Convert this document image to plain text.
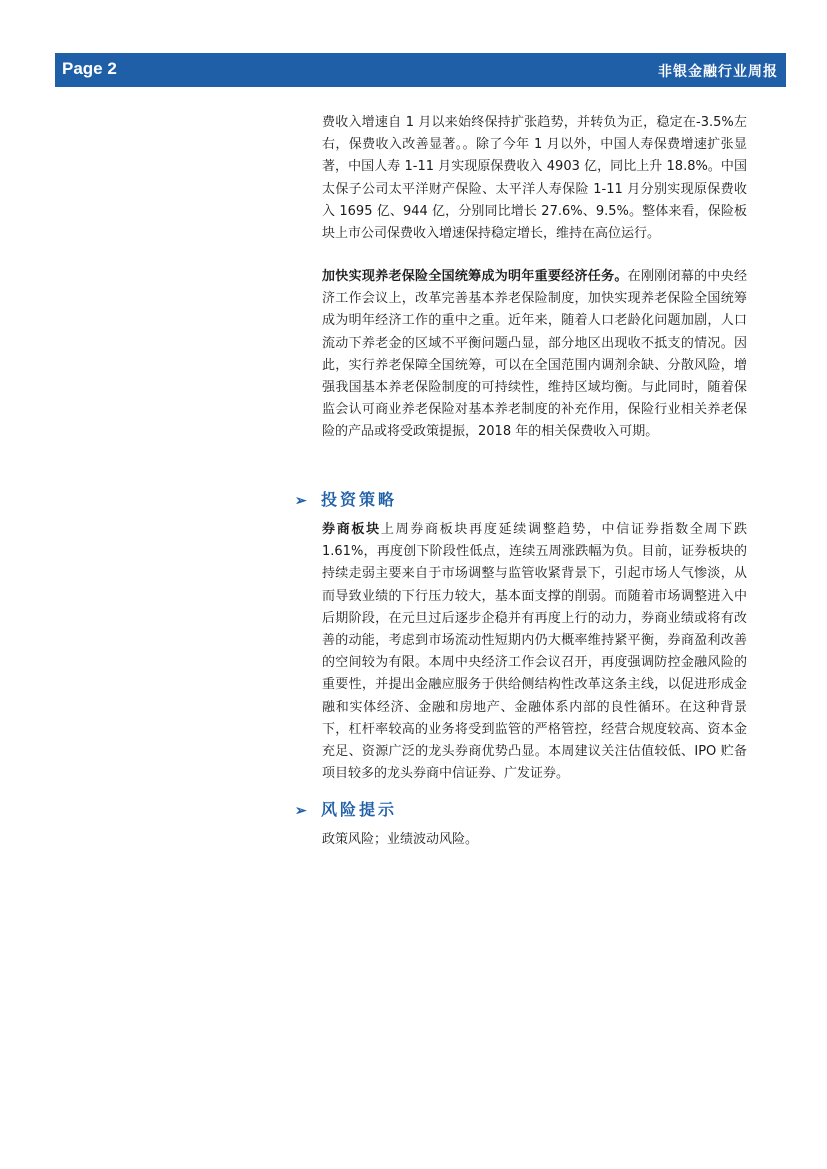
Page 2	非银金融行业周报

费收入增速自 1 月以来始终保持扩张趋势，并转负为正，稳定在-3.5%左右，保费收入改善显著。。除了今年 1 月以外，中国人寿保费增速扩张显著，中国人寿 1-11 月实现原保费收入 4903 亿，同比上升 18.8%。中国太保子公司太平洋财产保险、太平洋人寿保险 1-11 月分别实现原保费收入 1695 亿、944 亿，分别同比增长 27.6%、9.5%。整体来看，保险板块上市公司保费收入增速保持稳定增长，维持在高位运行。

加快实现养老保险全国统筹成为明年重要经济任务。在刚刚闭幕的中央经济工作会议上，改革完善基本养老保险制度，加快实现养老保险全国统筹成为明年经济工作的重中之重。近年来，随着人口老龄化问题加剧，人口流动下养老金的区域不平衡问题凸显，部分地区出现收不抵支的情况。因此，实行养老保障全国统筹，可以在全国范围内调剂余缺、分散风险，增强我国基本养老保险制度的可持续性，维持区域均衡。与此同时，随着保监会认可商业养老保险对基本养老制度的补充作用，保险行业相关养老保险的产品或将受政策提振，2018 年的相关保费收入可期。

➢ 投资策略

券商板块上周券商板块再度延续调整趋势，中信证券指数全周下跌 1.61%，再度创下阶段性低点，连续五周涨跌幅为负。目前，证券板块的持续走弱主要来自于市场调整与监管收紧背景下，引起市场人气惨淡，从而导致业绩的下行压力较大，基本面支撑的削弱。而随着市场调整进入中后期阶段，在元旦过后逐步企稳并有再度上行的动力，券商业绩或将有改善的动能，考虑到市场流动性短期内仍大概率维持紧平衡，券商盈利改善的空间较为有限。本周中央经济工作会议召开，再度强调防控金融风险的重要性，并提出金融应服务于供给侧结构性改革这条主线，以促进形成金融和实体经济、金融和房地产、金融体系内部的良性循环。在这种背景下，杠杆率较高的业务将受到监管的严格管控，经营合规度较高、资本金充足、资源广泛的龙头券商优势凸显。本周建议关注估值较低、IPO 贮备项目较多的龙头券商中信证券、广发证券。

➢ 风险提示

政策风险；业绩波动风险。
